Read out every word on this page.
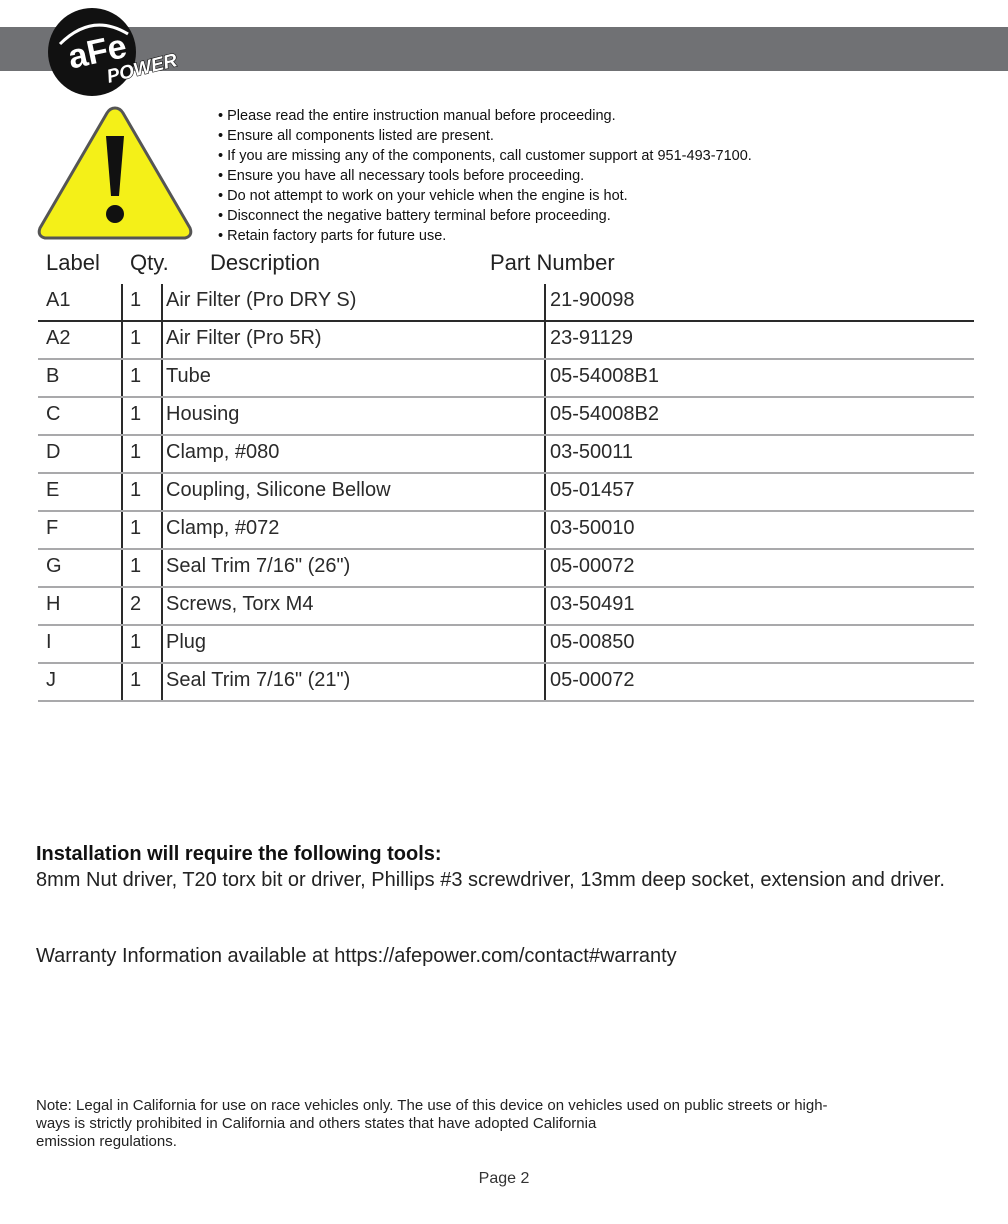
aFe
POWER
• Please read the entire instruction manual before proceeding.
• Ensure all components listed are present.
• If you are missing any of the components, call customer support at 951-493-7100.
• Ensure you have all necessary tools before proceeding.
• Do not attempt to work on your vehicle when the engine is hot.
• Disconnect the negative battery terminal before proceeding.
• Retain factory parts for future use.
Label Qty. Description	Part Number
A1	1 Air Filter (Pro DRY S)	21-90098
A2	1 Air Filter (Pro 5R)	23-91129
B	1 Tube	05-54008B1
C	1 Housing	05-54008B2
D	1 Clamp, #080	03-50011
E	1 Coupling, Silicone Bellow	05-01457
F	1 Clamp, #072	03-50010
G	1 Seal Trim 7/16" (26")	05-00072
H	2 Screws, Torx M4	03-50491
I	1 Plug	05-00850
J	1 Seal Trim 7/16" (21")	05-00072
Installation will require the following tools:
8mm Nut driver, T20 torx bit or driver, Phillips #3 screwdriver, 13mm deep socket, extension and driver.
Warranty Information available at https://afepower.com/contact#warranty
Note: Legal in California for use on race vehicles only. The use of this device on vehicles used on public streets or high-
ways is strictly prohibited in California and others states that have adopted California
emission regulations.
Page 2
